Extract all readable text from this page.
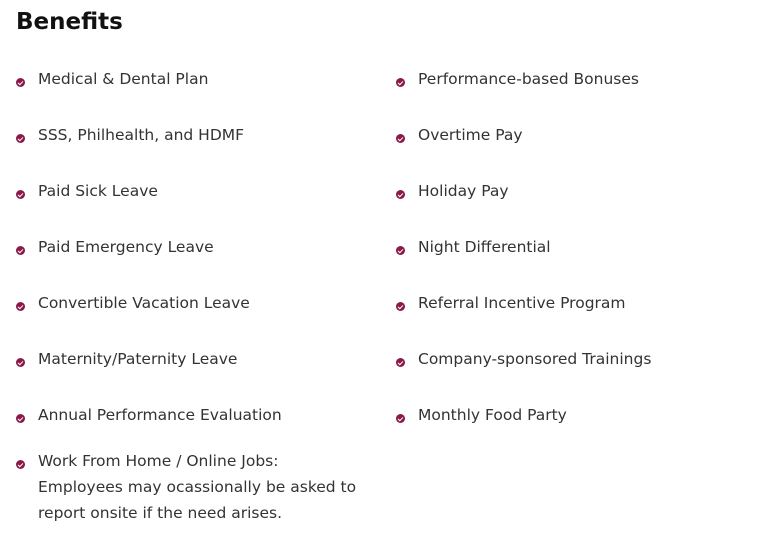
Benefits
Medical & Dental Plan
SSS, Philhealth, and HDMF
Paid Sick Leave
Paid Emergency Leave
Convertible Vacation Leave
Maternity/Paternity Leave
Annual Performance Evaluation
Work From Home / Online Jobs: Employees may ocassionally be asked to report onsite if the need arises.
Performance-based Bonuses
Overtime Pay
Holiday Pay
Night Differential
Referral Incentive Program
Company-sponsored Trainings
Monthly Food Party
